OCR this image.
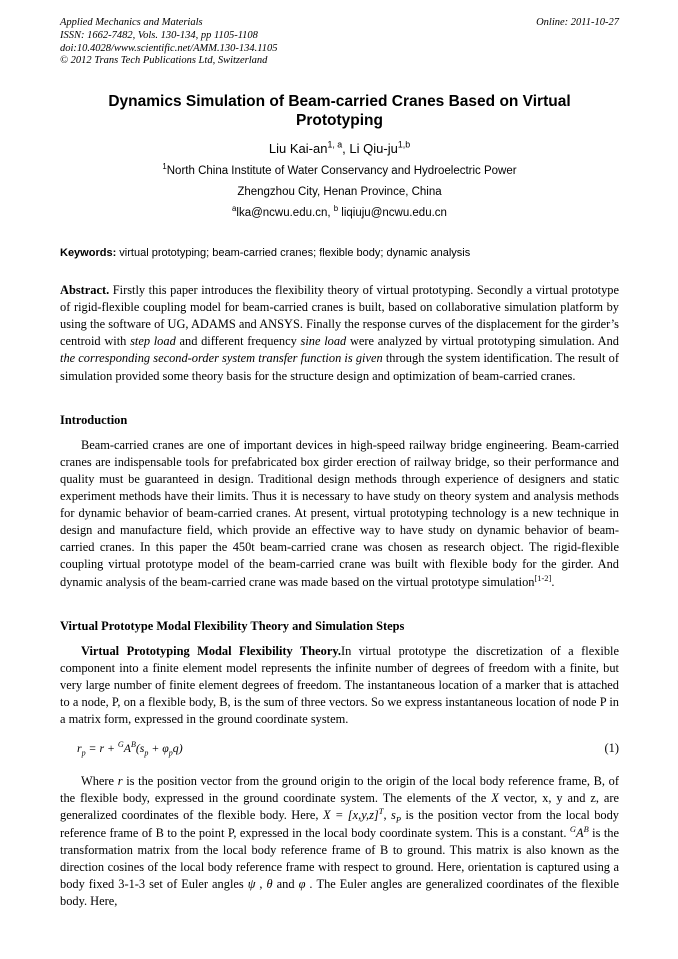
Applied Mechanics and Materials
ISSN: 1662-7482, Vols. 130-134, pp 1105-1108
doi:10.4028/www.scientific.net/AMM.130-134.1105
© 2012 Trans Tech Publications Ltd, Switzerland
Online: 2011-10-27
Dynamics Simulation of Beam-carried Cranes Based on Virtual Prototyping
Liu Kai-an$^{1, a}$, Li Qiu-ju$^{1,b}$
$^1$North China Institute of Water Conservancy and Hydroelectric Power
Zhengzhou City, Henan Province, China
$^a$lka@ncwu.edu.cn, $^b$ liqiuju@ncwu.edu.cn
Keywords: virtual prototyping; beam-carried cranes; flexible body; dynamic analysis

Abstract. Firstly this paper introduces the flexibility theory of virtual prototyping. Secondly a virtual prototype of rigid-flexible coupling model for beam-carried cranes is built, based on collaborative simulation platform by using the software of UG, ADAMS and ANSYS. Finally the response curves of the displacement for the girder’s centroid with step load and different frequency sine load were analyzed by virtual prototyping simulation. And the corresponding second-order system transfer function is given through the system identification. The result of simulation provided some theory basis for the structure design and optimization of beam-carried cranes.

Introduction

Beam-carried cranes are one of important devices in high-speed railway bridge engineering. Beam-carried cranes are indispensable tools for prefabricated box girder erection of railway bridge, so their performance and quality must be guaranteed in design. Traditional design methods through experience of designers and static experiment methods have their limits. Thus it is necessary to have study on theory system and analysis methods for dynamic behavior of beam-carried cranes. At present, virtual prototyping technology is a new technique in design and manufacture field, which provide an effective way to have study on dynamic behavior of beam-carried cranes. In this paper the 450t beam-carried crane was chosen as research object. The rigid-flexible coupling virtual prototype model of the beam-carried crane was built with flexible body for the girder. And dynamic analysis of the beam-carried crane was made based on the virtual prototype simulation[1-2].

Virtual Prototype Modal Flexibility Theory and Simulation Steps

Virtual Prototyping Modal Flexibility Theory.In virtual prototype the discretization of a flexible component into a finite element model represents the infinite number of degrees of freedom with a finite, but very large number of finite element degrees of freedom. The instantaneous location of a marker that is attached to a node, P, on a flexible body, B, is the sum of three vectors. So we express instantaneous location of node P in a matrix form, expressed in the ground coordinate system.

$r_p = r + ^GA^B(s_p + \varphi_pq)$	(1)

Where r is the position vector from the ground origin to the origin of the local body reference frame, B, of the flexible body, expressed in the ground coordinate system. The elements of the X vector, x, y and z, are generalized coordinates of the flexible body. Here, $X = [x,y,z]^T$, $s_P$ is the position vector from the local body reference frame of B to the point P, expressed in the local body coordinate system. This is a constant. $^GA^B$ is the transformation matrix from the local body reference frame of B to ground. This matrix is also known as the direction cosines of the local body reference frame with respect to ground. Here, orientation is captured using a body fixed 3-1-3 set of Euler angles ψ , θ and φ . The Euler angles are generalized coordinates of the flexible body. Here,
